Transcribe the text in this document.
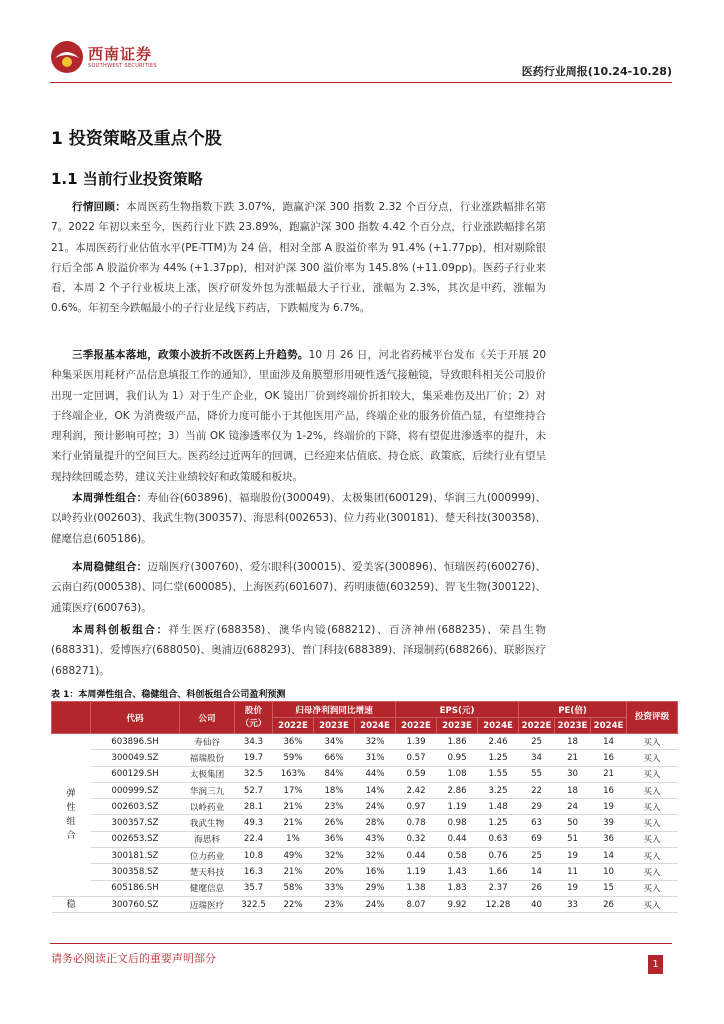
西南证券
SOUTHWEST SECURITIES	医药行业周报(10.24-10.28)
1 投资策略及重点个股
1.1 当前行业投资策略

行情回顾：本周医药生物指数下跌 3.07%，跑赢沪深 300 指数 2.32 个百分点，行业涨跌幅排名第 7。2022 年初以来至今，医药行业下跌 23.89%，跑赢沪深 300 指数 4.42 个百分点，行业涨跌幅排名第 21。本周医药行业估值水平(PE-TTM)为 24 倍，相对全部 A 股溢价率为 91.4% (+1.77pp)，相对剔除银行后全部 A 股溢价率为 44% (+1.37pp)，相对沪深 300 溢价率为 145.8% (+11.09pp)。医药子行业来看，本周 2 个子行业板块上涨，医疗研发外包为涨幅最大子行业，涨幅为 2.3%，其次是中药，涨幅为 0.6%。年初至今跌幅最小的子行业是线下药店，下跌幅度为 6.7%。

三季报基本落地，政策小波折不改医药上升趋势。10 月 26 日，河北省药械平台发布《关于开展 20 种集采医用耗材产品信息填报工作的通知》，里面涉及角膜塑形用硬性透气接触镜，导致眼科相关公司股价出现一定回调，我们认为 1）对于生产企业，OK 镜出厂价到终端价折扣较大，集采难伤及出厂价；2）对于终端企业，OK 为消费级产品，降价力度可能小于其他医用产品，终端企业的服务价值凸显，有望维持合理利润，预计影响可控；3）当前 OK 镜渗透率仅为 1-2%，终端价的下降，将有望促进渗透率的提升，未来行业销量提升的空间巨大。医药经过近两年的回调，已经迎来估值底、持仓底、政策底，后续行业有望呈现持续回暖态势，建议关注业绩较好和政策暖和板块。

本周弹性组合：寿仙谷(603896)、福瑞股份(300049)、太极集团(600129)、华润三九(000999)、以岭药业(002603)、我武生物(300357)、海思科(002653)、位力药业(300181)、楚天科技(300358)、健麾信息(605186)。

本周稳健组合：迈瑞医疗(300760)、爱尔眼科(300015)、爱美客(300896)、恒瑞医药(600276)、云南白药(000538)、同仁堂(600085)、上海医药(601607)、药明康德(603259)、智飞生物(300122)、通策医疗(600763)。

本周科创板组合：祥生医疗(688358)、澳华内镜(688212)、百济神州(688235)、荣昌生物(688331)、爱博医疗(688050)、奥浦迈(688293)、普门科技(688389)、泽璟制药(688266)、联影医疗(688271)。

表 1：本周弹性组合、稳健组合、科创板组合公司盈利预测
	代码	公司	股价（元）	归母净利润同比增速			EPS(元)			PE(倍)			投资评级
				2022E	2023E	2024E	2022E	2023E	2024E	2022E	2023E	2024E	
弹性组合	603896.SH	寿仙谷	34.3	36%	34%	32%	1.39	1.86	2.46	25	18	14	买入
	300049.SZ	福瑞股份	19.7	59%	66%	31%	0.57	0.95	1.25	34	21	16	买入
	600129.SH	太极集团	32.5	163%	84%	44%	0.59	1.08	1.55	55	30	21	买入
	000999.SZ	华润三九	52.7	17%	18%	14%	2.42	2.86	3.25	22	18	16	买入
	002603.SZ	以岭药业	28.1	21%	23%	24%	0.97	1.19	1.48	29	24	19	买入
	300357.SZ	我武生物	49.3	21%	26%	28%	0.78	0.98	1.25	63	50	39	买入
	002653.SZ	海思科	22.4	1%	36%	43%	0.32	0.44	0.63	69	51	36	买入
	300181.SZ	位力药业	10.8	49%	32%	32%	0.44	0.58	0.76	25	19	14	买入
	300358.SZ	楚天科技	16.3	21%	20%	16%	1.19	1.43	1.66	14	11	10	买入
	605186.SH	健麾信息	35.7	58%	33%	29%	1.38	1.83	2.37	26	19	15	买入
稳	300760.SZ	迈瑞医疗	322.5	22%	23%	24%	8.07	9.92	12.28	40	33	26	买入
请务必阅读正文后的重要声明部分	1
